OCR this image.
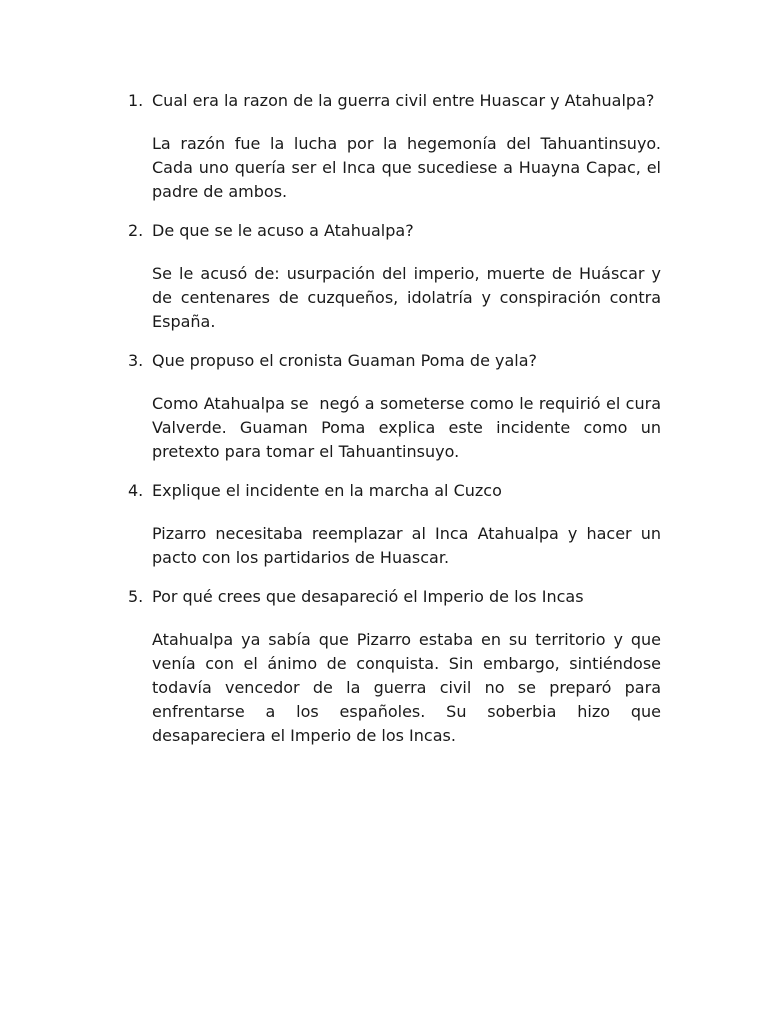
1. Cual era la razon de la guerra civil entre Huascar y Atahualpa?

La razón fue la lucha por la hegemonía del Tahuantinsuyo. Cada uno quería ser el Inca que sucediese a Huayna Capac, el padre de ambos.

2. De que se le acuso a Atahualpa?

Se le acusó de: usurpación del imperio, muerte de Huáscar y de centenares de cuzqueños, idolatría y conspiración contra España.

3. Que propuso el cronista Guaman Poma de yala?

Como Atahualpa se  negó a someterse como le requirió el cura Valverde. Guaman Poma explica este incidente como un pretexto para tomar el Tahuantinsuyo.

4. Explique el incidente en la marcha al Cuzco

Pizarro necesitaba reemplazar al Inca Atahualpa y hacer un pacto con los partidarios de Huascar.

5. Por qué crees que desapareció el Imperio de los Incas

Atahualpa ya sabía que Pizarro estaba en su territorio y que venía con el ánimo de conquista. Sin embargo, sintiéndose todavía vencedor de la guerra civil no se preparó para enfrentarse a los españoles. Su soberbia hizo que desapareciera el Imperio de los Incas.
